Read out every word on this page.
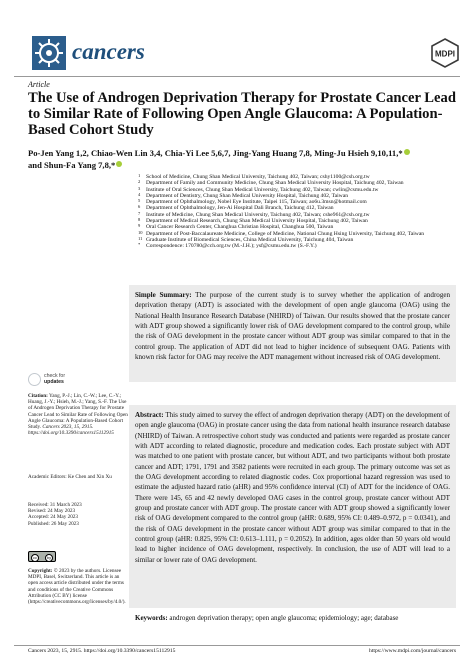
cancers	MDPI
Article
The Use of Androgen Deprivation Therapy for Prostate Cancer Lead to Similar Rate of Following Open Angle Glaucoma: A Population-Based Cohort Study
Po-Jen Yang 1,2, Chiao-Wen Lin 3,4, Chia-Yi Lee 5,6,7, Jing-Yang Huang 7,8, Ming-Ju Hsieh 9,10,11,*
and Shun-Fa Yang 7,8,*
1 School of Medicine, Chung Shan Medical University, Taichung 402, Taiwan; cshy1100@csh.org.tw
2 Department of Family and Community Medicine, Chung Shan Medical University Hospital, Taichung 402, Taiwan
3 Institute of Oral Sciences, Chung Shan Medical University, Taichung 402, Taiwan; cwlin@csmu.edu.tw
4 Department of Dentistry, Chung Shan Medical University Hospital, Taichung 402, Taiwan
5 Department of Ophthalmology, Nobel Eye Institute, Taipei 115, Taiwan; ao6u.3msn@hotmail.com
6 Department of Ophthalmology, Jen-Ai Hospital Dali Branch, Taichung 412, Taiwan
7 Institute of Medicine, Chung Shan Medical University, Taichung 402, Taiwan; cshe961@csh.org.tw
8 Department of Medical Research, Chung Shan Medical University Hospital, Taichung 402, Taiwan
9 Oral Cancer Research Center, Changhua Christian Hospital, Changhua 500, Taiwan
10 Department of Post-Baccalaureate Medicine, College of Medicine, National Chung Hsing University, Taichung 402, Taiwan
11 Graduate Institute of Biomedical Sciences, China Medical University, Taichung 404, Taiwan
* Correspondence: 170780@cch.org.tw (M.-J.H.); ysf@csmu.edu.tw (S.-F.Y.)
check for
updates
Citation: Yang, P.-J.; Lin, C.-W.; Lee, C.-Y.; Huang, J.-Y.; Hsieh, M.-J.; Yang, S.-F. The Use of Androgen Deprivation Therapy for Prostate Cancer Lead to Similar Rate of Following Open Angle Glaucoma: A Population-Based Cohort Study. Cancers 2023, 15, 2915. https://doi.org/10.3390/cancers15112915
Academic Editors: Ke Chen and Xin Xu
Received: 31 March 2023
Revised: 24 May 2023
Accepted: 24 May 2023
Published: 26 May 2023
cc	by
Copyright: © 2023 by the authors. Licensee MDPI, Basel, Switzerland. This article is an open access article distributed under the terms and conditions of the Creative Commons Attribution (CC BY) license (https://creativecommons.org/licenses/by/4.0/).
Simple Summary: The purpose of the current study is to survey whether the application of androgen deprivation therapy (ADT) is associated with the development of open angle glaucoma (OAG) using the National Health Insurance Research Database (NHIRD) of Taiwan. Our results showed that the prostate cancer with ADT group showed a significantly lower risk of OAG development compared to the control group, while the risk of OAG development in the prostate cancer without ADT group was similar compared to that in the control group. The application of ADT did not lead to higher incidence of subsequent OAG. Patients with known risk factor for OAG may receive the ADT management without increased risk of OAG development.
Abstract: This study aimed to survey the effect of androgen deprivation therapy (ADT) on the development of open angle glaucoma (OAG) in prostate cancer using the data from national health insurance research database (NHIRD) of Taiwan. A retrospective cohort study was conducted and patients were regarded as prostate cancer with ADT according to related diagnostic, procedure and medication codes. Each prostate subject with ADT was matched to one patient with prostate cancer, but without ADT, and two participants without both prostate cancer and ADT; 1791, 1791 and 3582 patients were recruited in each group. The primary outcome was set as the OAG development according to related diagnostic codes. Cox proportional hazard regression was used to estimate the adjusted hazard ratio (aHR) and 95% confidence interval (CI) of ADT for the incidence of OAG. There were 145, 65 and 42 newly developed OAG cases in the control group, prostate cancer without ADT group and prostate cancer with ADT group. The prostate cancer with ADT group showed a significantly lower risk of OAG development compared to the control group (aHR: 0.689, 95% CI: 0.489–0.972, p = 0.0341), and the risk of OAG development in the prostate cancer without ADT group was similar compared to that in the control group (aHR: 0.825, 95% CI: 0.613–1.111, p = 0.2052). In addition, ages older than 50 years old would lead to higher incidence of OAG development, respectively. In conclusion, the use of ADT will lead to a similar or lower rate of OAG development.
Keywords: androgen deprivation therapy; open angle glaucoma; epidemiology; age; database
Cancers 2023, 15, 2915. https://doi.org/10.3390/cancers15112915	https://www.mdpi.com/journal/cancers
